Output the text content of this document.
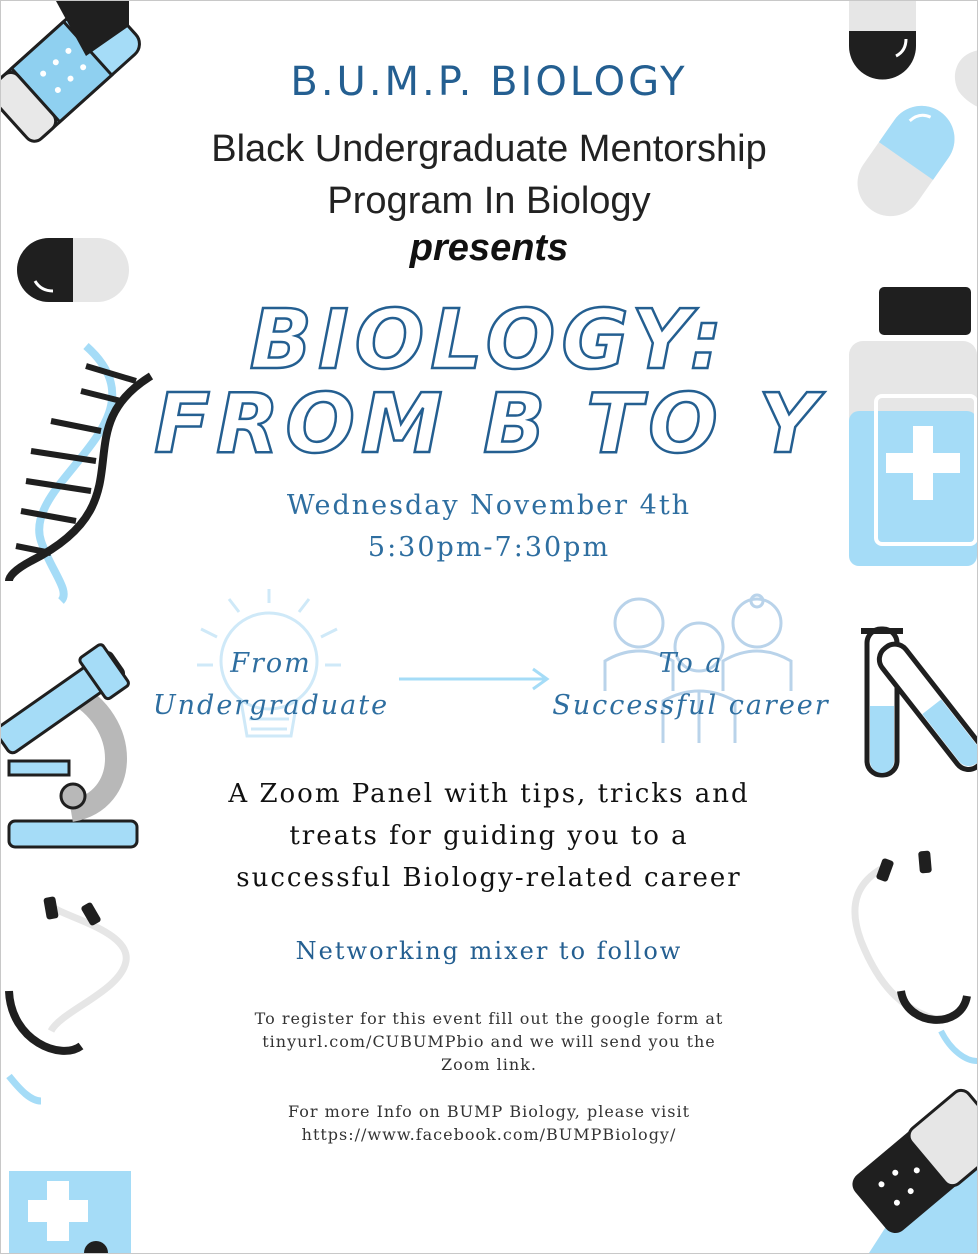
B.U.M.P. BIOLOGY
Black Undergraduate Mentorship
Program In Biology
presents
BIOLOGY:
FROM B TO Y
Wednesday November 4th
5:30pm-7:30pm
From
Undergraduate
To a
Successful career
A Zoom Panel with tips, tricks and
treats for guiding you to a
successful Biology-related career
Networking mixer to follow
To register for this event fill out the google form at
tinyurl.com/CUBUMPbio and we will send you the
Zoom link.
For more Info on BUMP Biology, please visit
https://www.facebook.com/BUMPBiology/
